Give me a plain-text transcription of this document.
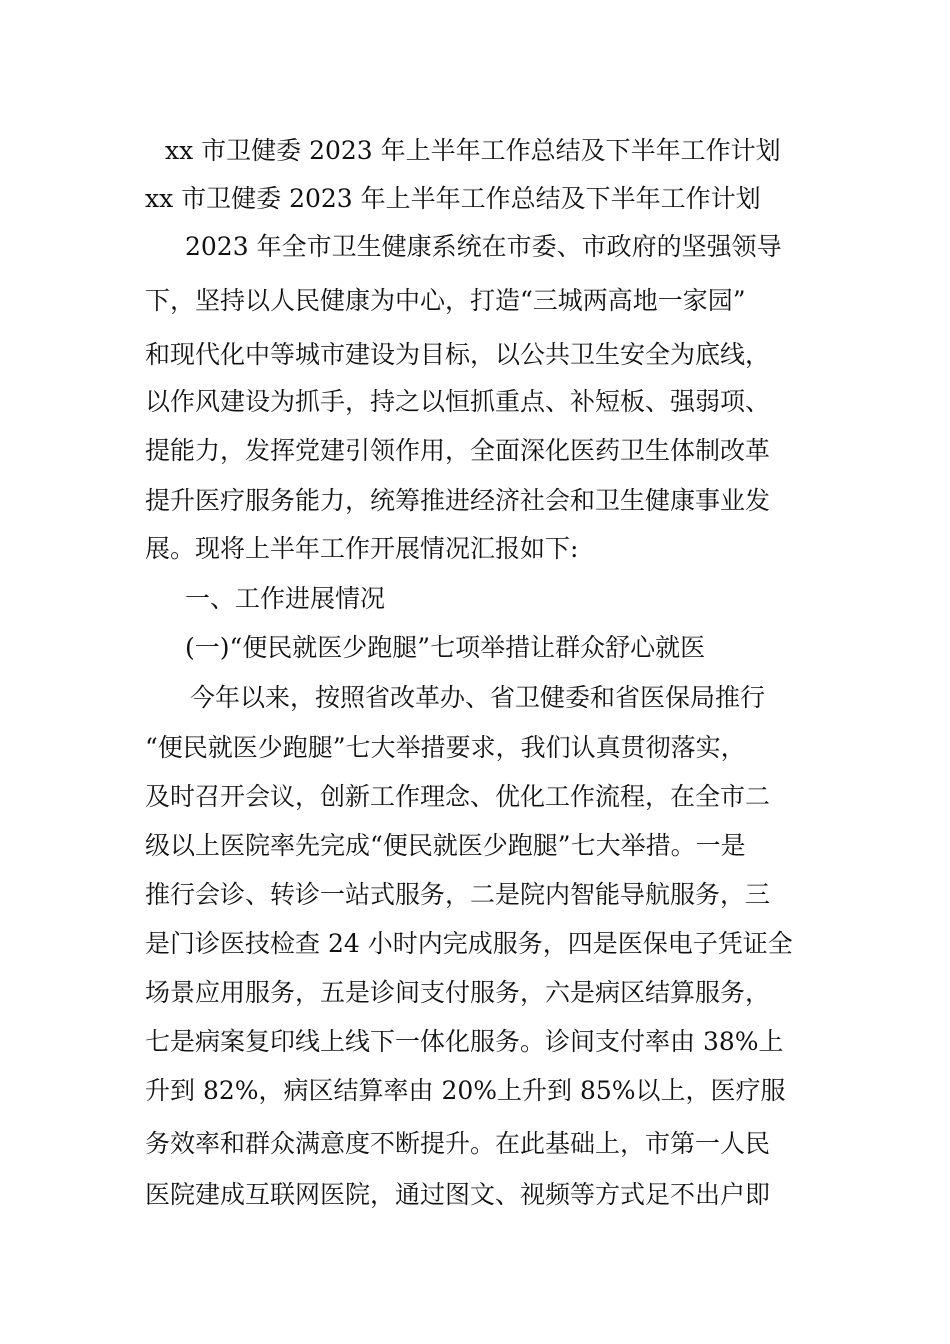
xx 市卫健委 2023 年上半年工作总结及下半年工作计划
xx 市卫健委 2023 年上半年工作总结及下半年工作计划
2023 年全市卫生健康系统在市委、市政府的坚强领导
下，坚持以人民健康为中心，打造“三城两高地一家园”
和现代化中等城市建设为目标，以公共卫生安全为底线，
以作风建设为抓手，持之以恒抓重点、补短板、强弱项、
提能力，发挥党建引领作用，全面深化医药卫生体制改革
提升医疗服务能力，统筹推进经济社会和卫生健康事业发
展。现将上半年工作开展情况汇报如下:
一、工作进展情况
(一)“便民就医少跑腿”七项举措让群众舒心就医
今年以来，按照省改革办、省卫健委和省医保局推行
“便民就医少跑腿”七大举措要求，我们认真贯彻落实，
及时召开会议，创新工作理念、优化工作流程，在全市二
级以上医院率先完成“便民就医少跑腿”七大举措。一是
推行会诊、转诊一站式服务，二是院内智能导航服务，三
是门诊医技检查 24 小时内完成服务，四是医保电子凭证全
场景应用服务，五是诊间支付服务，六是病区结算服务，
七是病案复印线上线下一体化服务。诊间支付率由 38%上
升到 82%，病区结算率由 20%上升到 85%以上，医疗服
务效率和群众满意度不断提升。在此基础上，市第一人民
医院建成互联网医院，通过图文、视频等方式足不出户即
